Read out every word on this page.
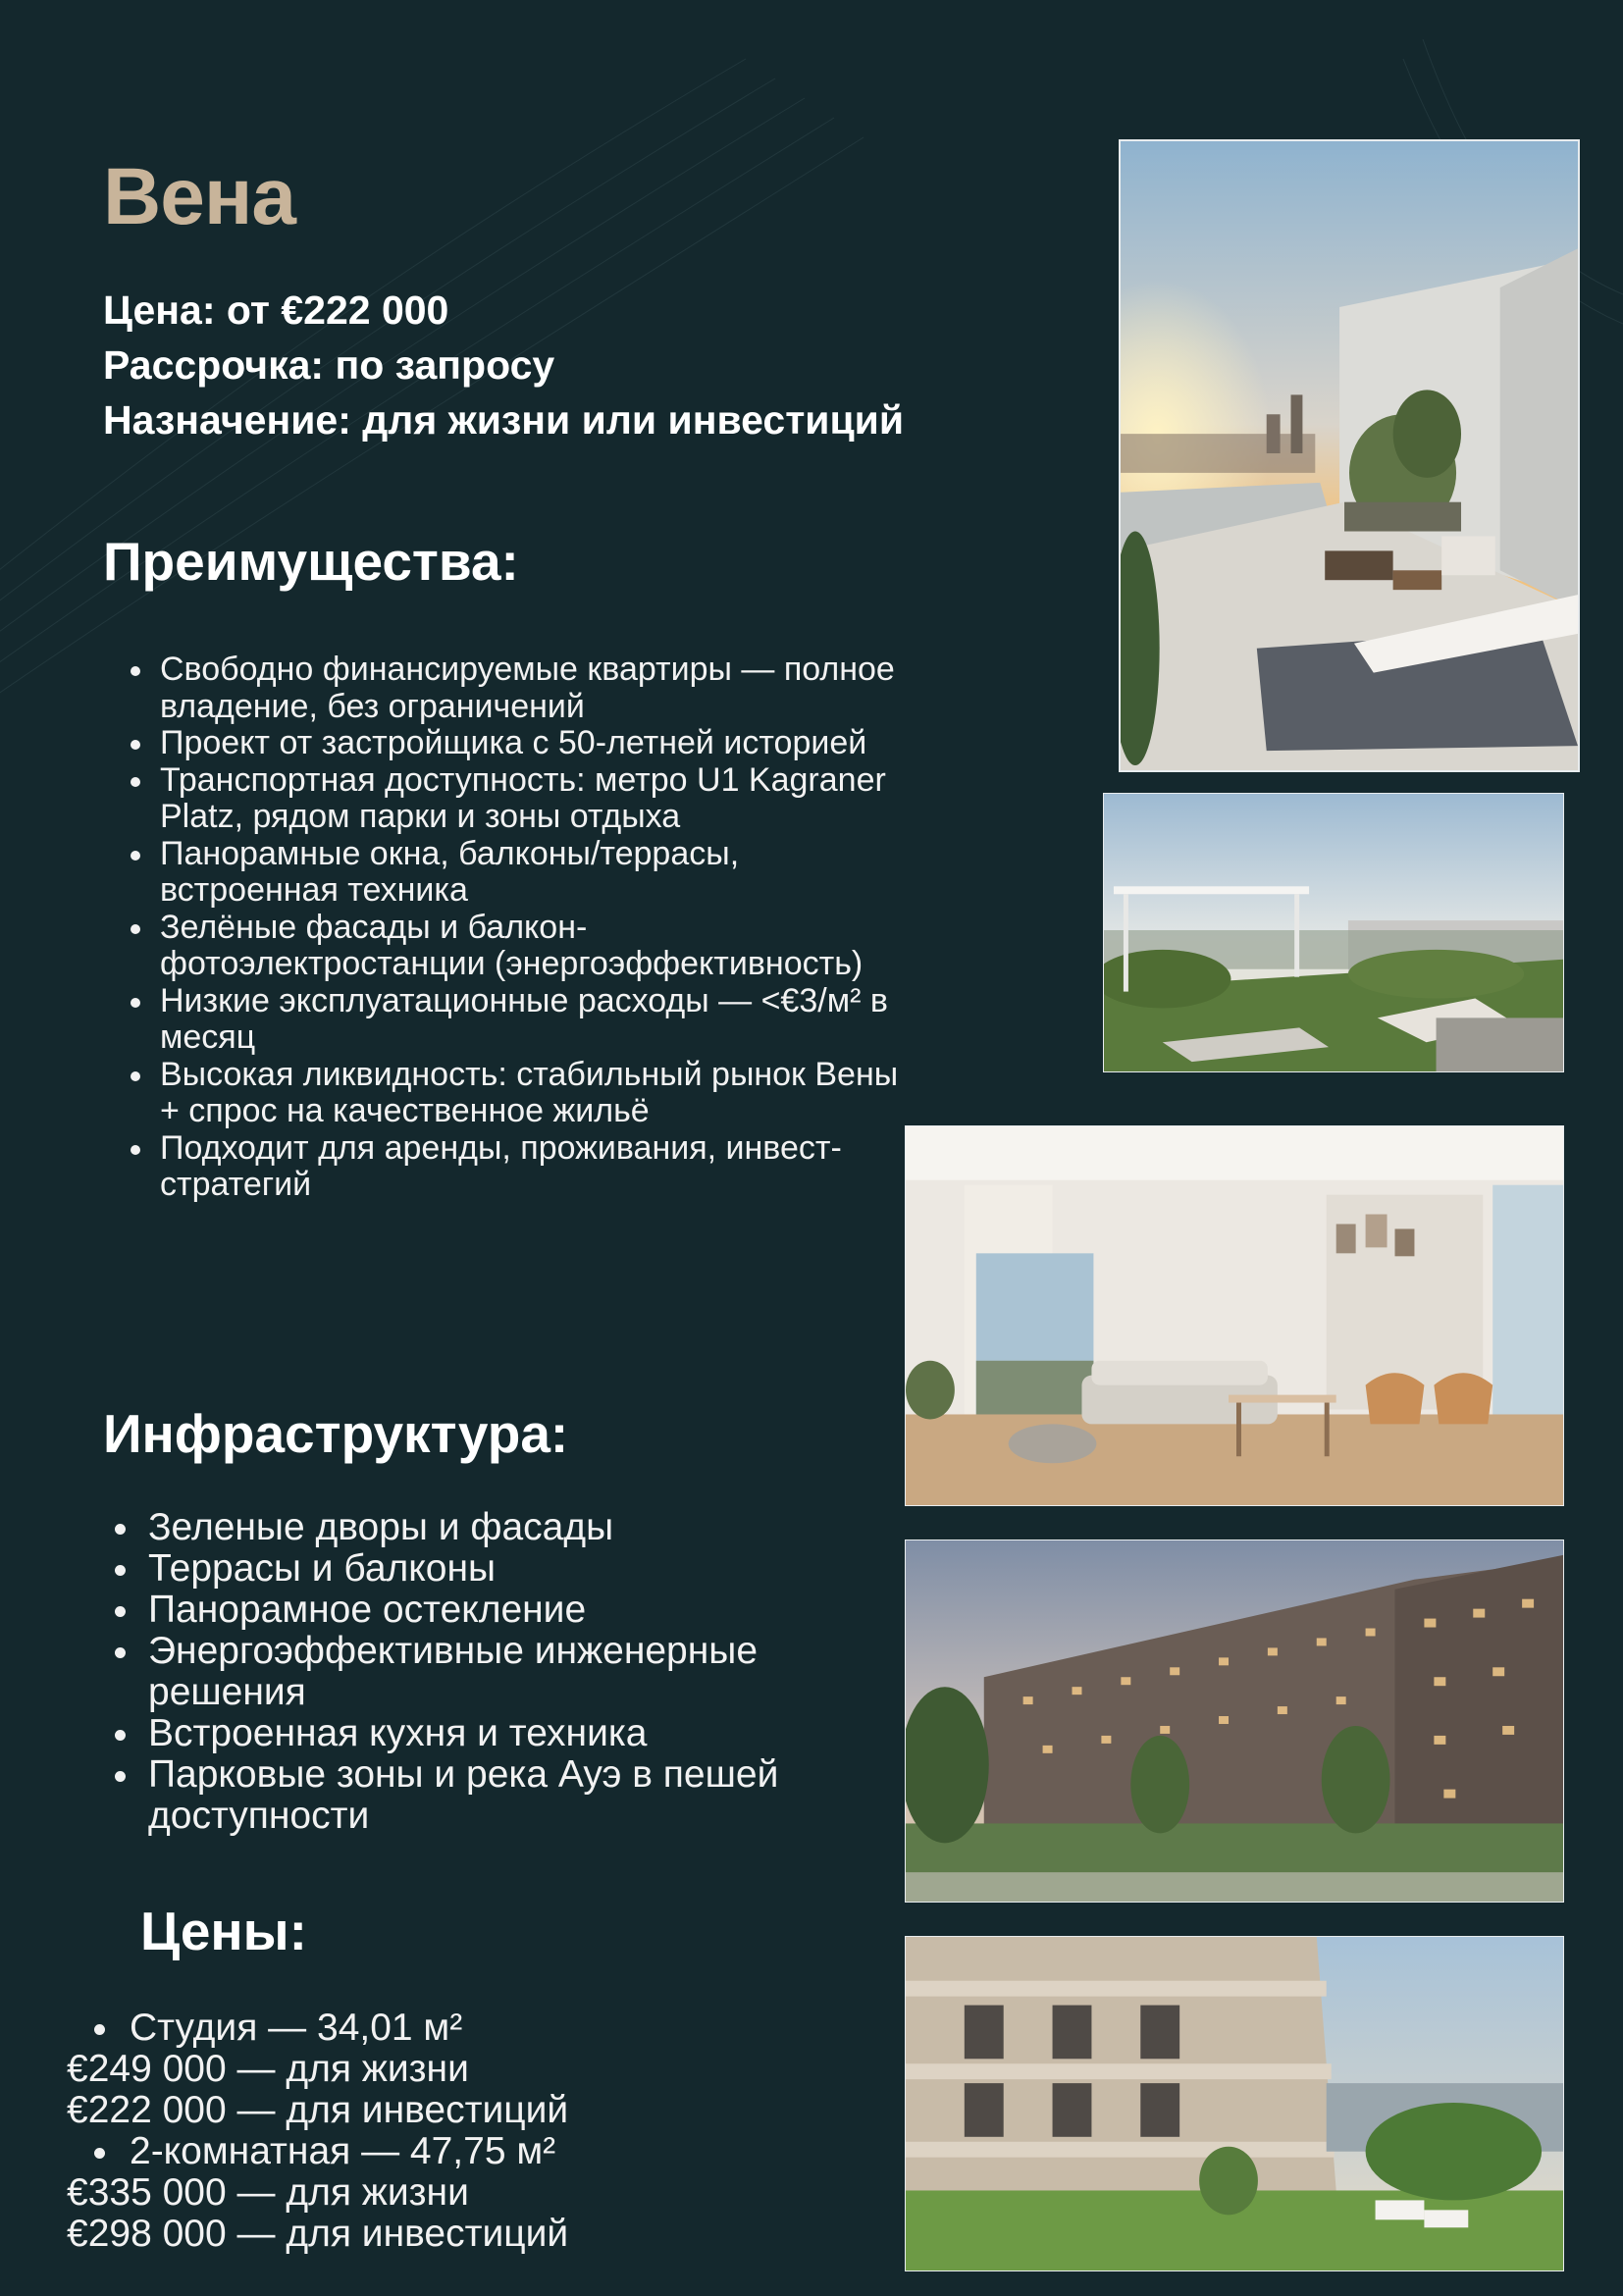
Вена
Цена: от €222 000
Рассрочка: по запросу
Назначение: для жизни или инвестиций
Преимущества:
Свободно финансируемые квартиры — полное владение, без ограничений
Проект от застройщика с 50-летней историей
Транспортная доступность: метро U1 Kagraner Platz, рядом парки и зоны отдыха
Панорамные окна, балконы/террасы, встроенная техника
Зелёные фасады и балкон-фотоэлектростанции (энергоэффективность)
Низкие эксплуатационные расходы — <€3/м² в месяц
Высокая ликвидность: стабильный рынок Вены + спрос на качественное жильё
Подходит для аренды, проживания, инвест-стратегий
Инфраструктура:
Зеленые дворы и фасады
Террасы и балконы
Панорамное остекление
Энергоэффективные инженерные решения
Встроенная кухня и техника
Парковые зоны и река Ауэ в пешей доступности
Цены:
Студия — 34,01 м²
€249 000 — для жизни
€222 000 — для инвестиций
2-комнатная — 47,75 м²
€335 000 — для жизни
€298 000 — для инвестиций
